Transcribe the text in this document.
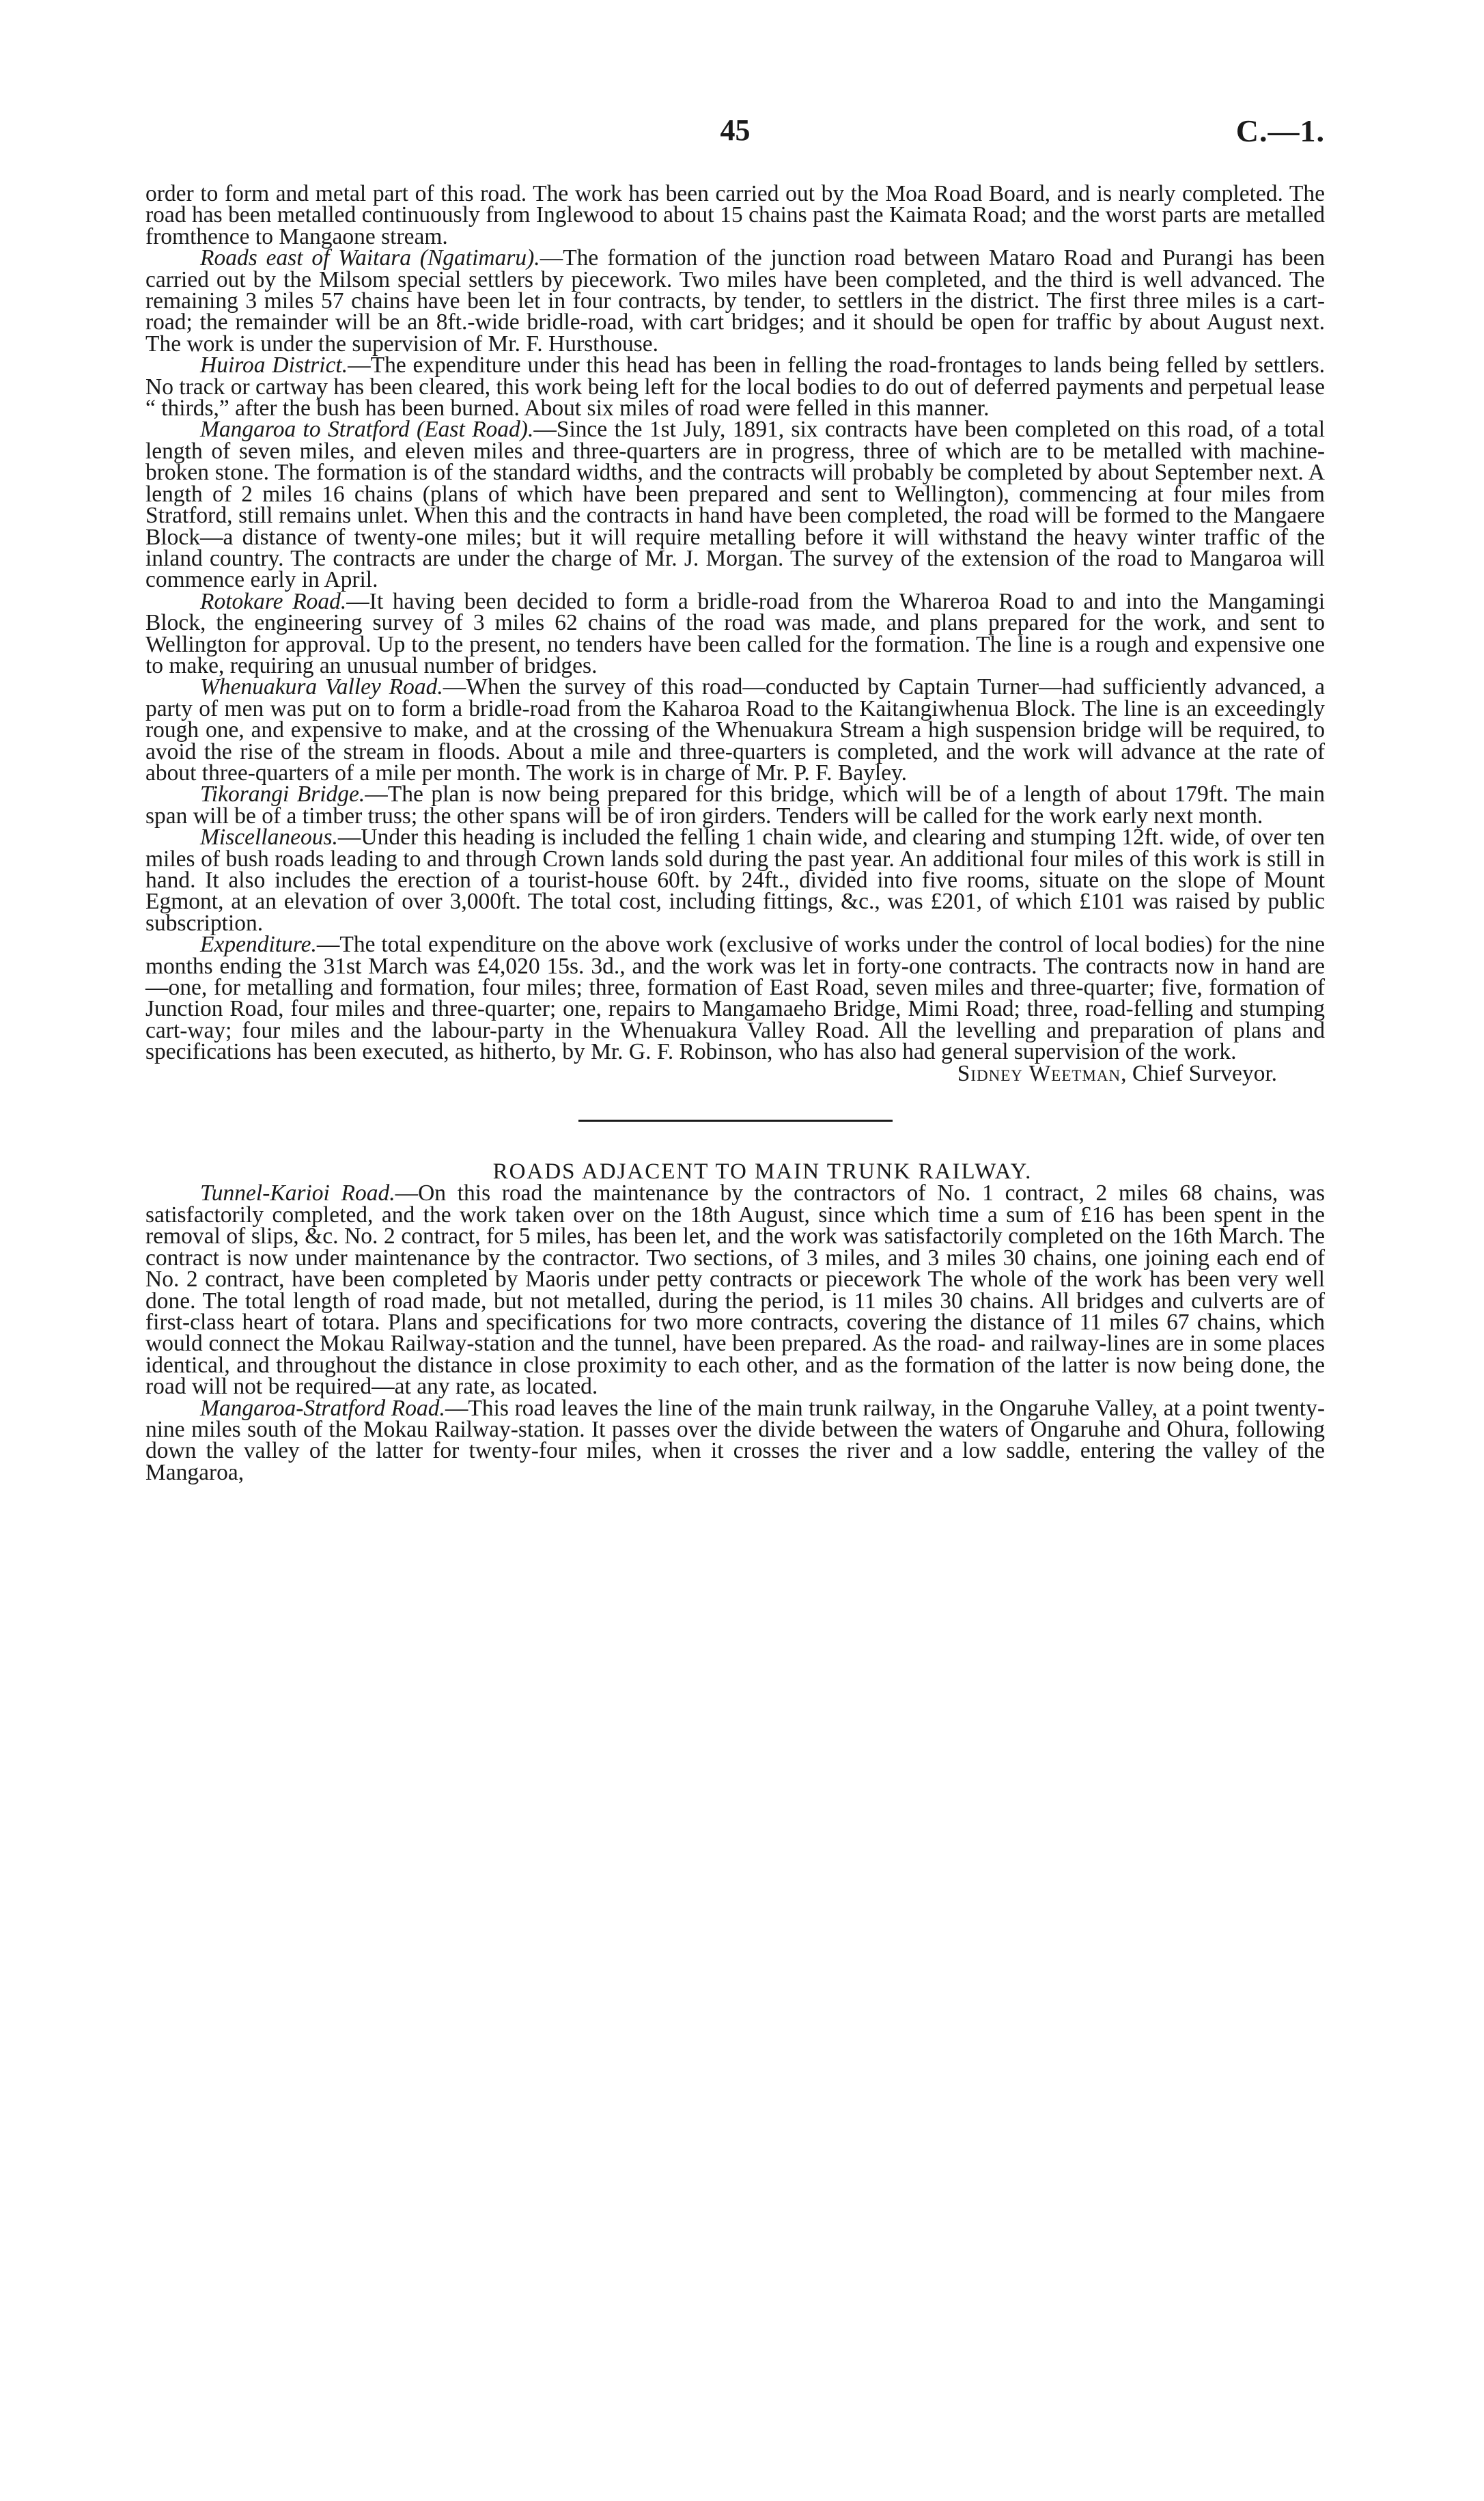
45	C.—1.

order to form and metal part of this road. The work has been carried out by the Moa Road Board, and is nearly completed. The road has been metalled continuously from Inglewood to about 15 chains past the Kaimata Road; and the worst parts are metalled fromthence to Mangaone stream.

Roads east of Waitara (Ngatimaru).—The formation of the junction road between Mataro Road and Purangi has been carried out by the Milsom special settlers by piecework. Two miles have been completed, and the third is well advanced. The remaining 3 miles 57 chains have been let in four contracts, by tender, to settlers in the district. The first three miles is a cart-road; the remainder will be an 8ft.-wide bridle-road, with cart bridges; and it should be open for traffic by about August next. The work is under the supervision of Mr. F. Hursthouse.

Huiroa District.—The expenditure under this head has been in felling the road-frontages to lands being felled by settlers. No track or cartway has been cleared, this work being left for the local bodies to do out of deferred payments and perpetual lease “ thirds,” after the bush has been burned. About six miles of road were felled in this manner.

Mangaroa to Stratford (East Road).—Since the 1st July, 1891, six contracts have been completed on this road, of a total length of seven miles, and eleven miles and three-quarters are in progress, three of which are to be metalled with machine-broken stone. The formation is of the standard widths, and the contracts will probably be completed by about September next. A length of 2 miles 16 chains (plans of which have been prepared and sent to Wellington), commencing at four miles from Stratford, still remains unlet. When this and the contracts in hand have been completed, the road will be formed to the Mangaere Block—a distance of twenty-one miles; but it will require metalling before it will withstand the heavy winter traffic of the inland country. The contracts are under the charge of Mr. J. Morgan. The survey of the extension of the road to Mangaroa will commence early in April.

Rotokare Road.—It having been decided to form a bridle-road from the Whareroa Road to and into the Mangamingi Block, the engineering survey of 3 miles 62 chains of the road was made, and plans prepared for the work, and sent to Wellington for approval. Up to the present, no tenders have been called for the formation. The line is a rough and expensive one to make, requiring an unusual number of bridges.

Whenuakura Valley Road.—When the survey of this road—conducted by Captain Turner—had sufficiently advanced, a party of men was put on to form a bridle-road from the Kaharoa Road to the Kaitangiwhenua Block. The line is an exceedingly rough one, and expensive to make, and at the crossing of the Whenuakura Stream a high suspension bridge will be required, to avoid the rise of the stream in floods. About a mile and three-quarters is completed, and the work will advance at the rate of about three-quarters of a mile per month. The work is in charge of Mr. P. F. Bayley.

Tikorangi Bridge.—The plan is now being prepared for this bridge, which will be of a length of about 179ft. The main span will be of a timber truss; the other spans will be of iron girders. Tenders will be called for the work early next month.

Miscellaneous.—Under this heading is included the felling 1 chain wide, and clearing and stumping 12ft. wide, of over ten miles of bush roads leading to and through Crown lands sold during the past year. An additional four miles of this work is still in hand. It also includes the erection of a tourist-house 60ft. by 24ft., divided into five rooms, situate on the slope of Mount Egmont, at an elevation of over 3,000ft. The total cost, including fittings, &c., was £201, of which £101 was raised by public subscription.

Expenditure.—The total expenditure on the above work (exclusive of works under the control of local bodies) for the nine months ending the 31st March was £4,020 15s. 3d., and the work was let in forty-one contracts. The contracts now in hand are—one, for metalling and formation, four miles; three, formation of East Road, seven miles and three-quarter; five, formation of Junction Road, four miles and three-quarter; one, repairs to Mangamaeho Bridge, Mimi Road; three, road-felling and stumping cart-way; four miles and the labour-party in the Whenuakura Valley Road. All the levelling and preparation of plans and specifications has been executed, as hitherto, by Mr. G. F. Robinson, who has also had general supervision of the work.

Sidney Weetman, Chief Surveyor.

ROADS ADJACENT TO MAIN TRUNK RAILWAY.

Tunnel-Karioi Road.—On this road the maintenance by the contractors of No. 1 contract, 2 miles 68 chains, was satisfactorily completed, and the work taken over on the 18th August, since which time a sum of £16 has been spent in the removal of slips, &c. No. 2 contract, for 5 miles, has been let, and the work was satisfactorily completed on the 16th March. The contract is now under maintenance by the contractor. Two sections, of 3 miles, and 3 miles 30 chains, one joining each end of No. 2 contract, have been completed by Maoris under petty contracts or piecework The whole of the work has been very well done. The total length of road made, but not metalled, during the period, is 11 miles 30 chains. All bridges and culverts are of first-class heart of totara. Plans and specifications for two more contracts, covering the distance of 11 miles 67 chains, which would connect the Mokau Railway-station and the tunnel, have been prepared. As the road- and railway-lines are in some places identical, and throughout the distance in close proximity to each other, and as the formation of the latter is now being done, the road will not be required—at any rate, as located.

Mangaroa-Stratford Road.—This road leaves the line of the main trunk railway, in the Ongaruhe Valley, at a point twenty-nine miles south of the Mokau Railway-station. It passes over the divide between the waters of Ongaruhe and Ohura, following down the valley of the latter for twenty-four miles, when it crosses the river and a low saddle, entering the valley of the Mangaroa,
